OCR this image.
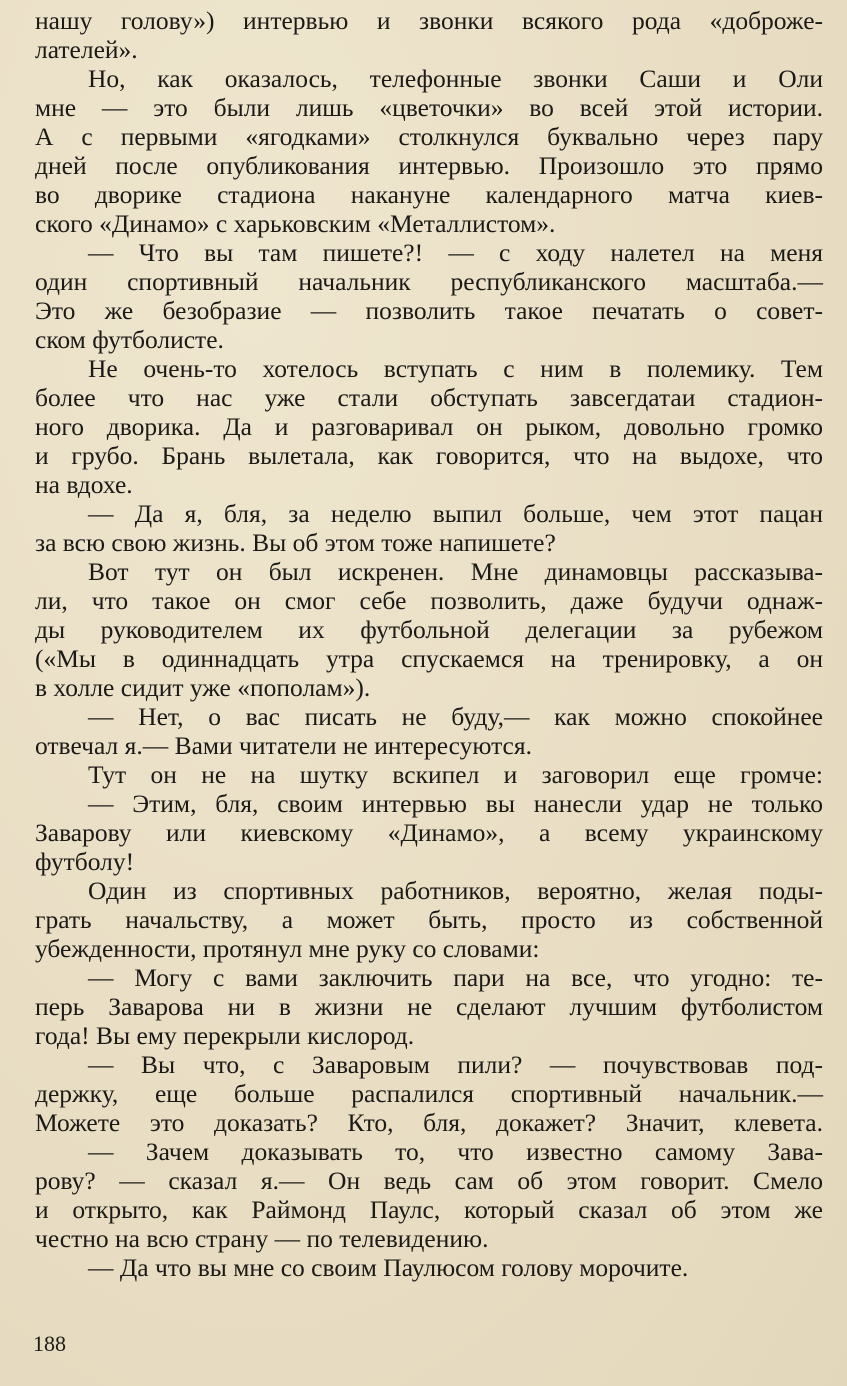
нашу голову») интервью и звонки всякого рода «доброже-
лателей».
Но, как оказалось, телефонные звонки Саши и Оли
мне — это были лишь «цветочки» во всей этой истории.
А с первыми «ягодками» столкнулся буквально через пару
дней после опубликования интервью. Произошло это прямо
во дворике стадиона накануне календарного матча киев-
ского «Динамо» с харьковским «Металлистом».
— Что вы там пишете?! — с ходу налетел на меня
один спортивный начальник республиканского масштаба.—
Это же безобразие — позволить такое печатать о совет-
ском футболисте.
Не очень-то хотелось вступать с ним в полемику. Тем
более что нас уже стали обступать завсегдатаи стадион-
ного дворика. Да и разговаривал он рыком, довольно громко
и грубо. Брань вылетала, как говорится, что на выдохе, что
на вдохе.
— Да я, бля, за неделю выпил больше, чем этот пацан
за всю свою жизнь. Вы об этом тоже напишете?
Вот тут он был искренен. Мне динамовцы рассказыва-
ли, что такое он смог себе позволить, даже будучи однаж-
ды руководителем их футбольной делегации за рубежом
(«Мы в одиннадцать утра спускаемся на тренировку, а он
в холле сидит уже «пополам»).
— Нет, о вас писать не буду,— как можно спокойнее
отвечал я.— Вами читатели не интересуются.
Тут он не на шутку вскипел и заговорил еще громче:
— Этим, бля, своим интервью вы нанесли удар не только
Заварову или киевскому «Динамо», а всему украинскому
футболу!
Один из спортивных работников, вероятно, желая поды-
грать начальству, а может быть, просто из собственной
убежденности, протянул мне руку со словами:
— Могу с вами заключить пари на все, что угодно: те-
перь Заварова ни в жизни не сделают лучшим футболистом
года! Вы ему перекрыли кислород.
— Вы что, с Заваровым пили? — почувствовав под-
держку, еще больше распалился спортивный начальник.—
Можете это доказать? Кто, бля, докажет? Значит, клевета.
— Зачем доказывать то, что известно самому Зава-
рову? — сказал я.— Он ведь сам об этом говорит. Смело
и открыто, как Раймонд Паулс, который сказал об этом же
честно на всю страну — по телевидению.
— Да что вы мне со своим Паулюсом голову морочите.
188
